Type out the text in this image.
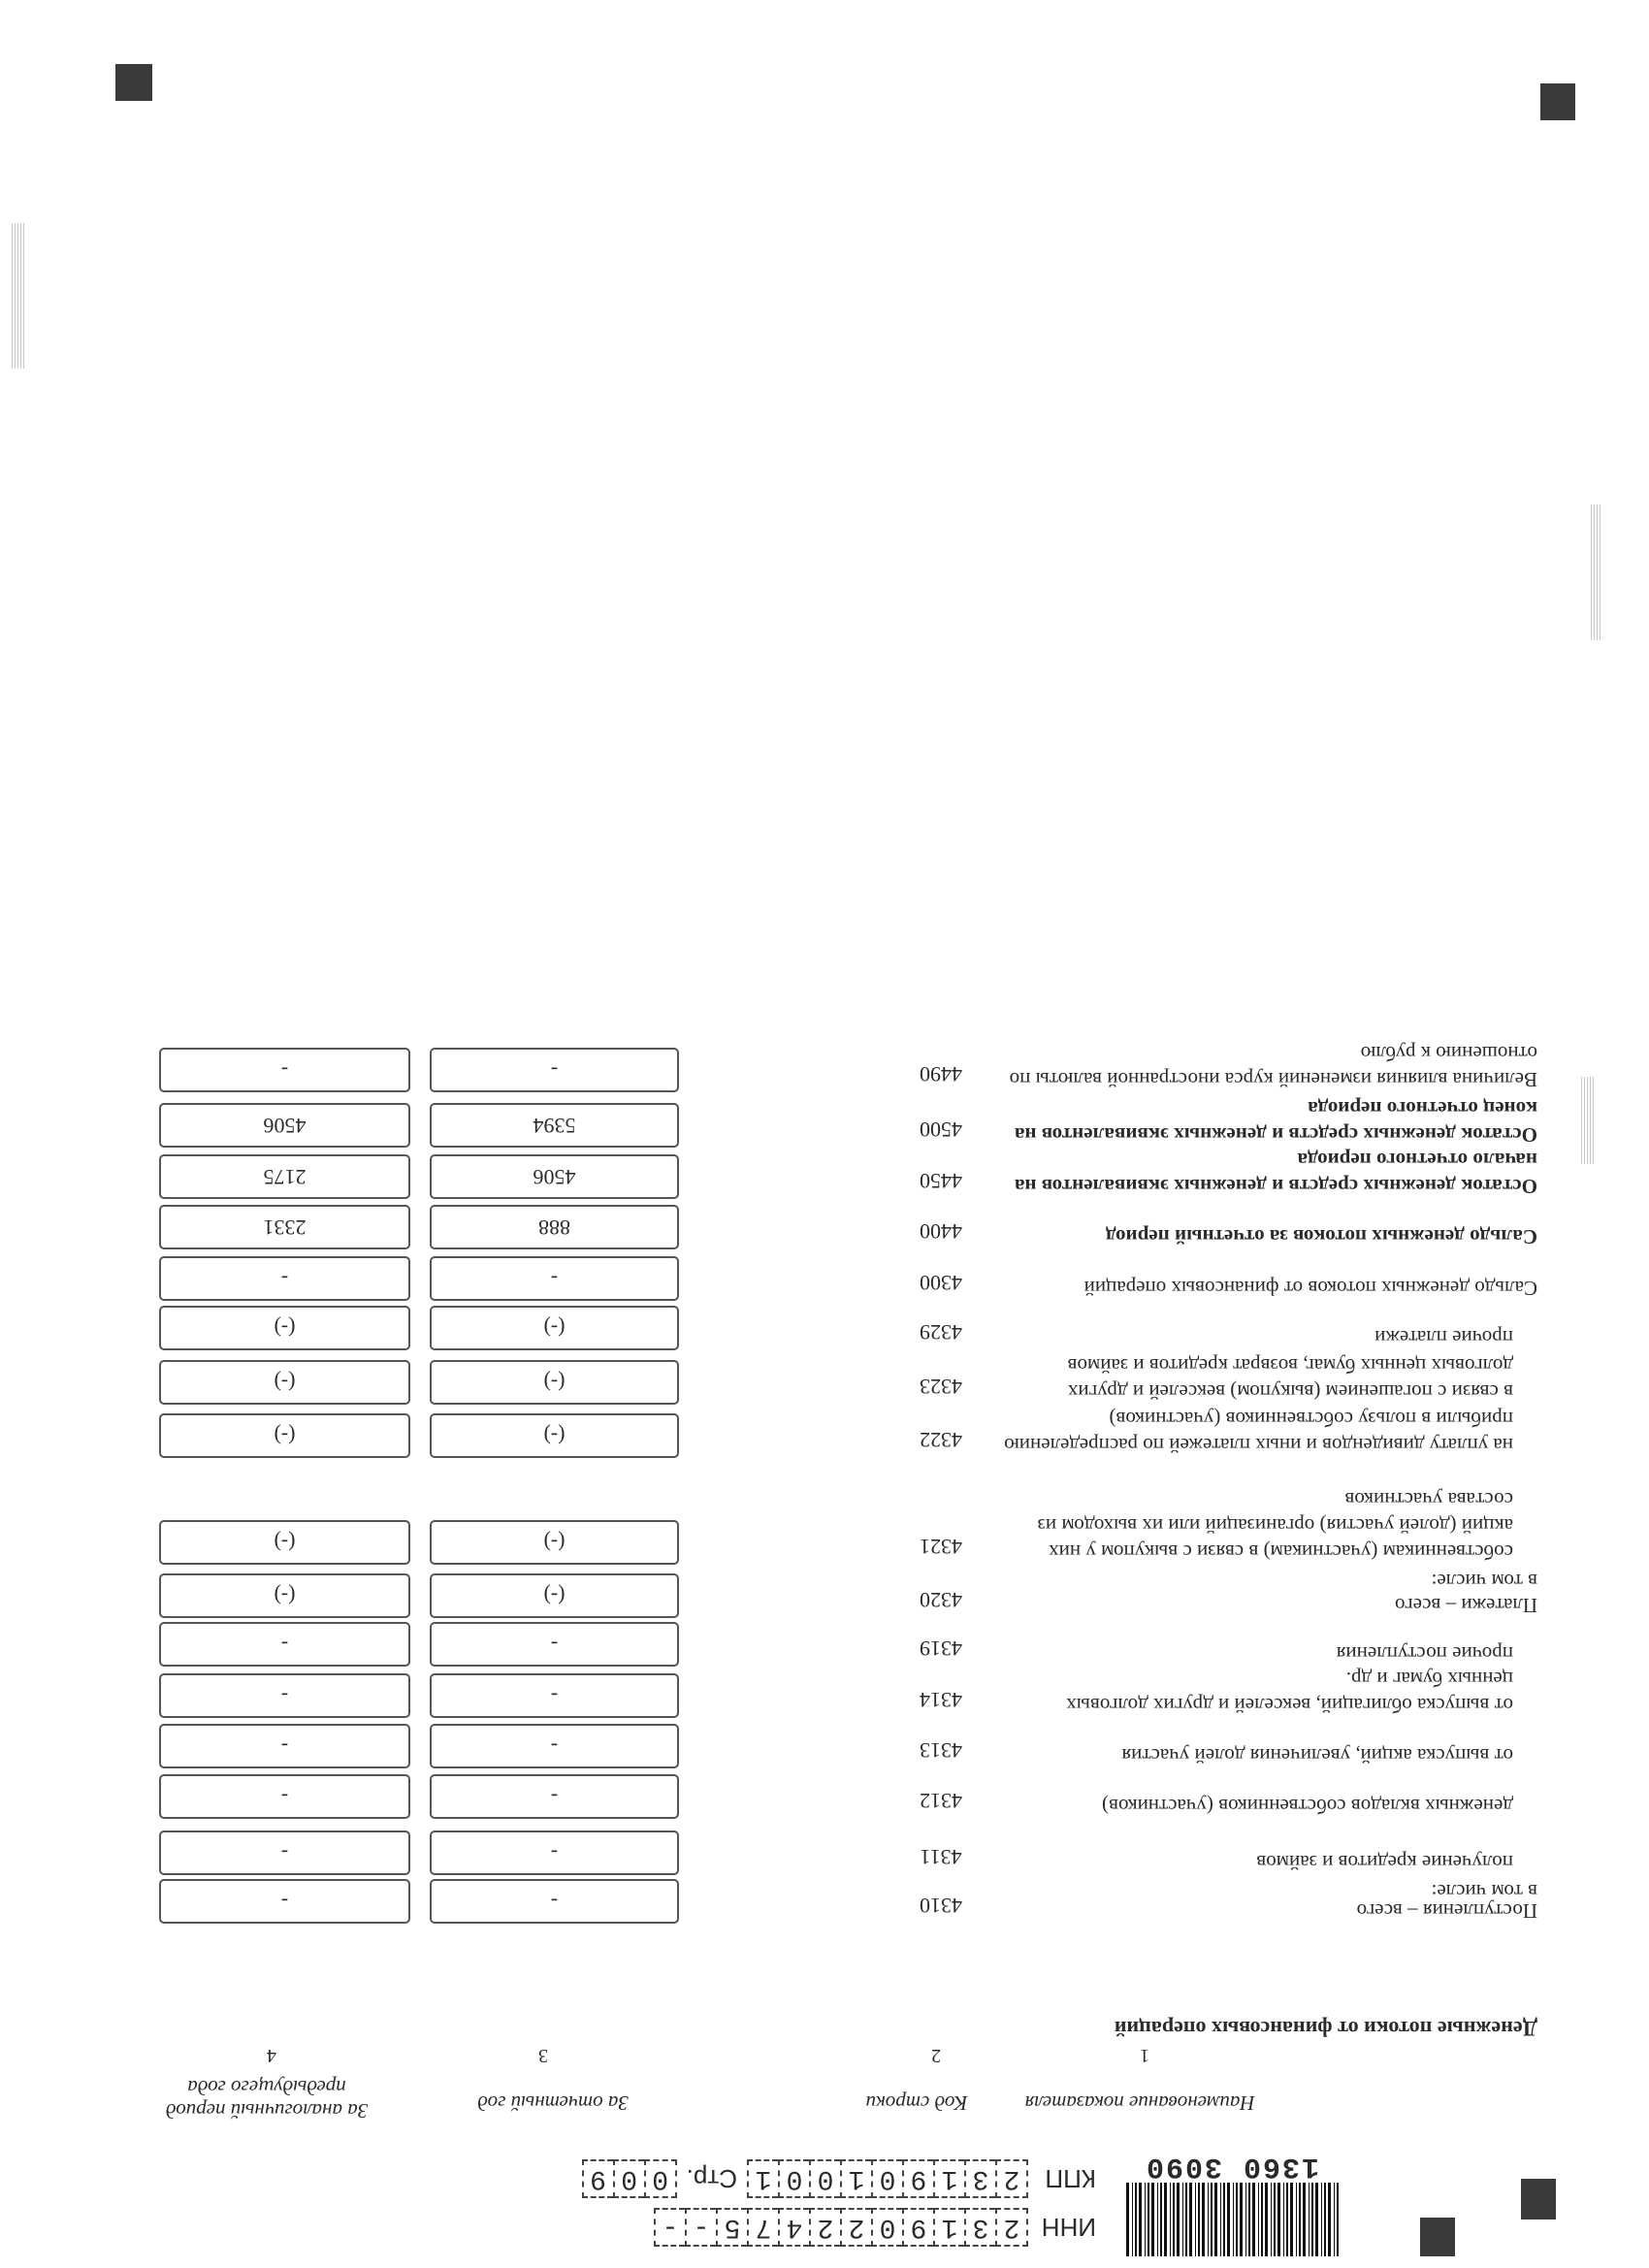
1360 3090
ИНН
2
3
1
9
0
2
2
4
7
5
-
-
КПП
2
3
1
9
0
1
0
0
1
Стр.
0
0
9
Наименование показателя
Код строки
За отчетный год
За аналогичный период предыдущего года
1
2
3
4
Денежные потоки от финансовых операций
Поступления – всего
4310
-
-	в том числе:
получение кредитов и займов
4311
-
-
денежных вкладов собственников (участников)
4312
-
-
от выпуска акций, увеличения долей участия
4313
-
-
от выпуска облигаций, векселей и других долговых ценных бумаг и др.
4314
-
-
прочие поступления
4319
-
-
Платежи – всего
4320
(-)
(-)
в том числе:
собственникам (участникам) в связи с выкупом у них акций (долей участия) организаций или их выходом из состава участников
4321
(-)
(-)
на уплату дивидендов и иных платежей по распределению прибыли в пользу собственников (участников)
4322
(-)
(-)
в связи с погашением (выкупом) векселей и других долговых ценных бумаг, возврат кредитов и займов
4323
(-)
(-)
прочие платежи
4329
(-)
(-)
Сальдо денежных потоков от финансовых операций
4300
-
-
Сальдо денежных потоков за отчетный период
4400
888
2331
Остаток денежных средств и денежных эквивалентов на начало отчетного периода
4450
4506
2175
Остаток денежных средств и денежных эквивалентов на конец отчетного периода
4500
5394
4506
Величина влияния изменений курса иностранной валюты по отношению к рублю
4490
-
-
